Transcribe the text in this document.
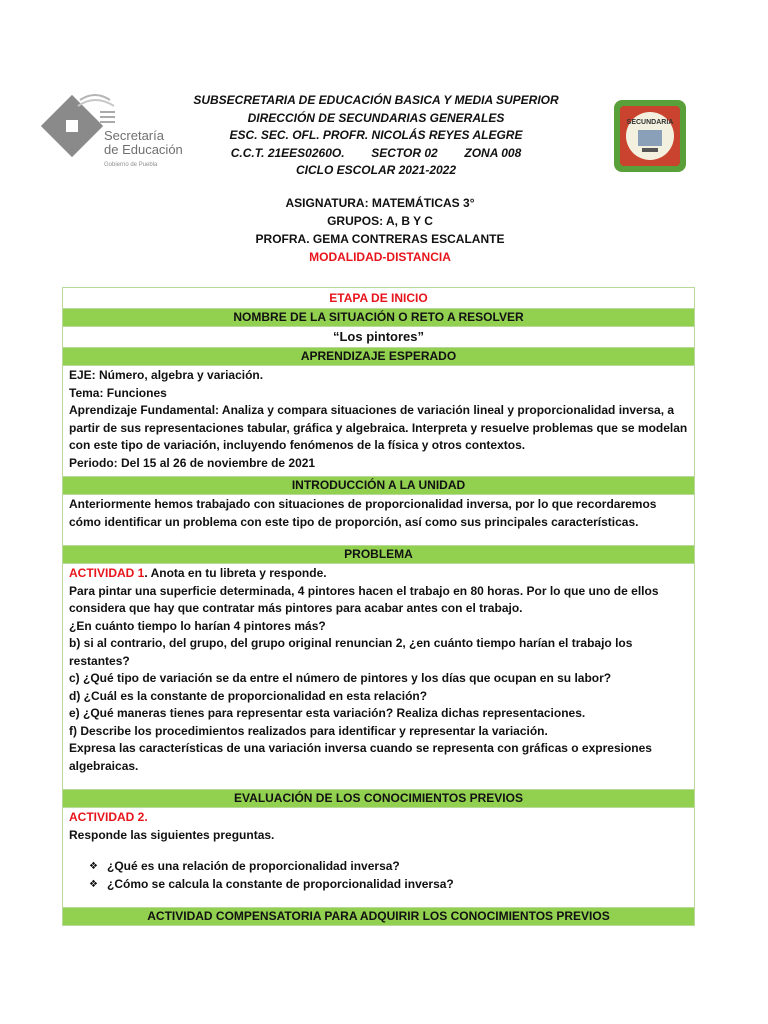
Secretaría
de Educación
Gobierno de Puebla
SECUNDARIA
SUBSECRETARIA DE EDUCACIÓN BASICA Y MEDIA SUPERIOR
DIRECCIÓN DE SECUNDARIAS GENERALES
ESC. SEC. OFL. PROFR. NICOLÁS REYES ALEGRE
C.C.T. 21EES0260O.        SECTOR 02        ZONA 008
CICLO ESCOLAR 2021-2022
ASIGNATURA: MATEMÁTICAS 3°
GRUPOS: A, B Y C
PROFRA. GEMA CONTRERAS ESCALANTE
MODALIDAD-DISTANCIA
ETAPA DE INICIO
NOMBRE DE LA SITUACIÓN O RETO A RESOLVER
“Los pintores”
APRENDIZAJE ESPERADO

EJE: Número, algebra y variación.

Tema: Funciones

Aprendizaje Fundamental: Analiza y compara situaciones de variación lineal y proporcionalidad inversa, a partir de sus representaciones tabular, gráfica y algebraica. Interpreta y resuelve problemas que se modelan con este tipo de variación, incluyendo fenómenos de la física y otros contextos.

Periodo: Del 15 al 26 de noviembre de 2021

INTRODUCCIÓN A LA UNIDAD

Anteriormente hemos trabajado con situaciones de proporcionalidad inversa, por lo que recordaremos cómo identificar un problema con este tipo de proporción, así como sus principales características.

PROBLEMA

ACTIVIDAD 1. Anota en tu libreta y responde.

Para pintar una superficie determinada, 4 pintores hacen el trabajo en 80 horas. Por lo que uno de ellos considera que hay que contratar más pintores para acabar antes con el trabajo.

¿En cuánto tiempo lo harían 4 pintores más?

b) si al contrario, del grupo, del grupo original renuncian 2, ¿en cuánto tiempo harían el trabajo los restantes?

c) ¿Qué tipo de variación se da entre el número de pintores y los días que ocupan en su labor?

d) ¿Cuál es la constante de proporcionalidad en esta relación?

e) ¿Qué maneras tienes para representar esta variación? Realiza dichas representaciones.

f) Describe los procedimientos realizados para identificar y representar la variación.

Expresa las características de una variación inversa cuando se representa con gráficas o expresiones algebraicas.

EVALUACIÓN DE LOS CONOCIMIENTOS PREVIOS

ACTIVIDAD 2.

Responde las siguientes preguntas.

❖ ¿Qué es una relación de proporcionalidad inversa?
❖ ¿Cómo se calcula la constante de proporcionalidad inversa?
ACTIVIDAD COMPENSATORIA PARA ADQUIRIR LOS CONOCIMIENTOS PREVIOS
